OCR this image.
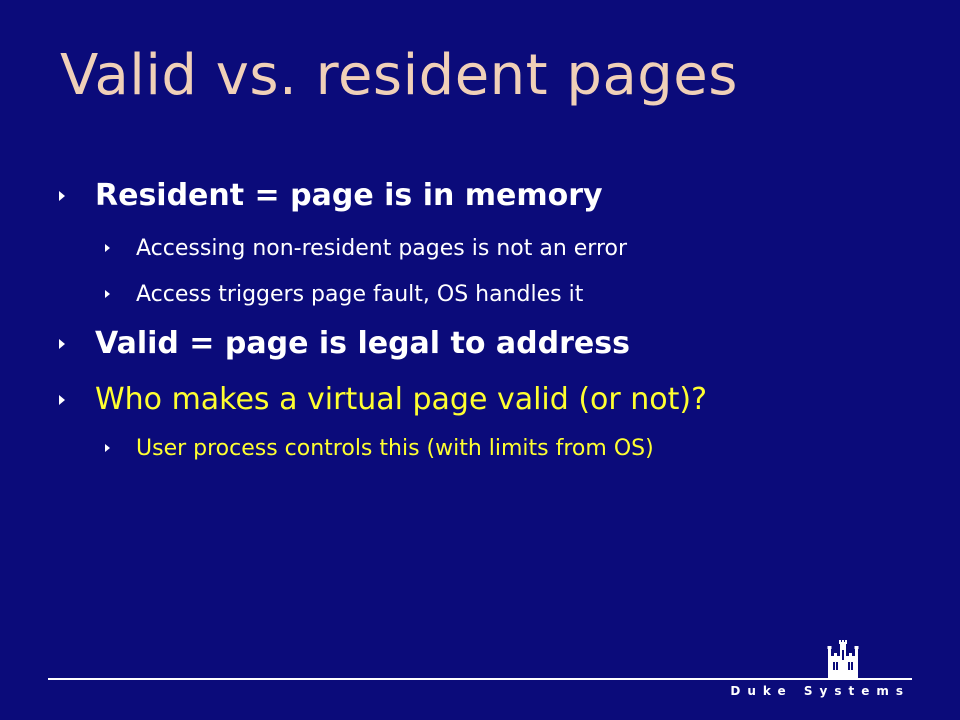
Valid vs. resident pages
Resident = page is in memory
Accessing non-resident pages is not an error
Access triggers page fault, OS handles it
Valid = page is legal to address
Who makes a virtual page valid (or not)?
User process controls this (with limits from OS)
Duke Systems
